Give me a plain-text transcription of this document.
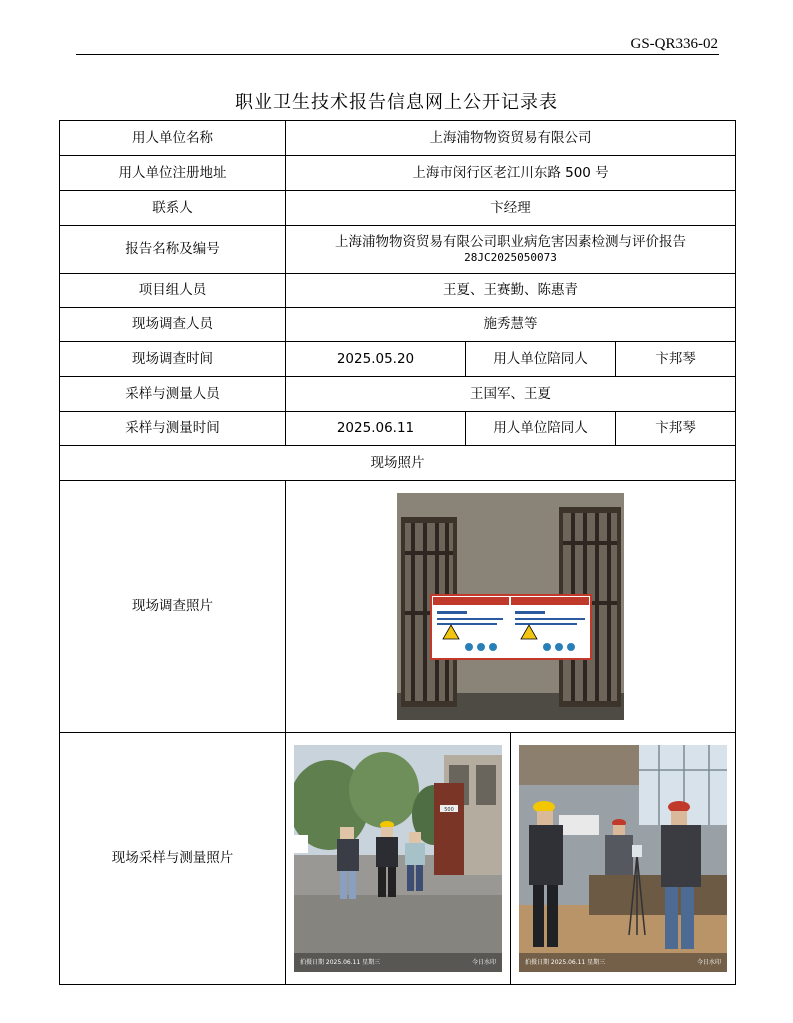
GS-QR336-02
职业卫生技术报告信息网上公开记录表
用人单位名称	上海浦物物资贸易有限公司		
用人单位注册地址	上海市闵行区老江川东路 500 号		
联系人	卞经理		
报告名称及编号	上海浦物物资贸易有限公司职业病危害因素检测与评价报告
28JC2025050073		

项目组人员	王夏、王赛勤、陈惠青		
现场调查人员	施秀慧等		
现场调查时间	2025.05.20	用人单位陪同人	卞邦琴
采样与测量人员	王国军、王夏		
采样与测量时间	2025.06.11	用人单位陪同人	卞邦琴
现场照片			
现场调查照片	

现场采样与测量照片	500
拍摄日期 2025.06.11 星期三 今日水印 拍摄日期 2025.06.11 星期三 今日水印		
